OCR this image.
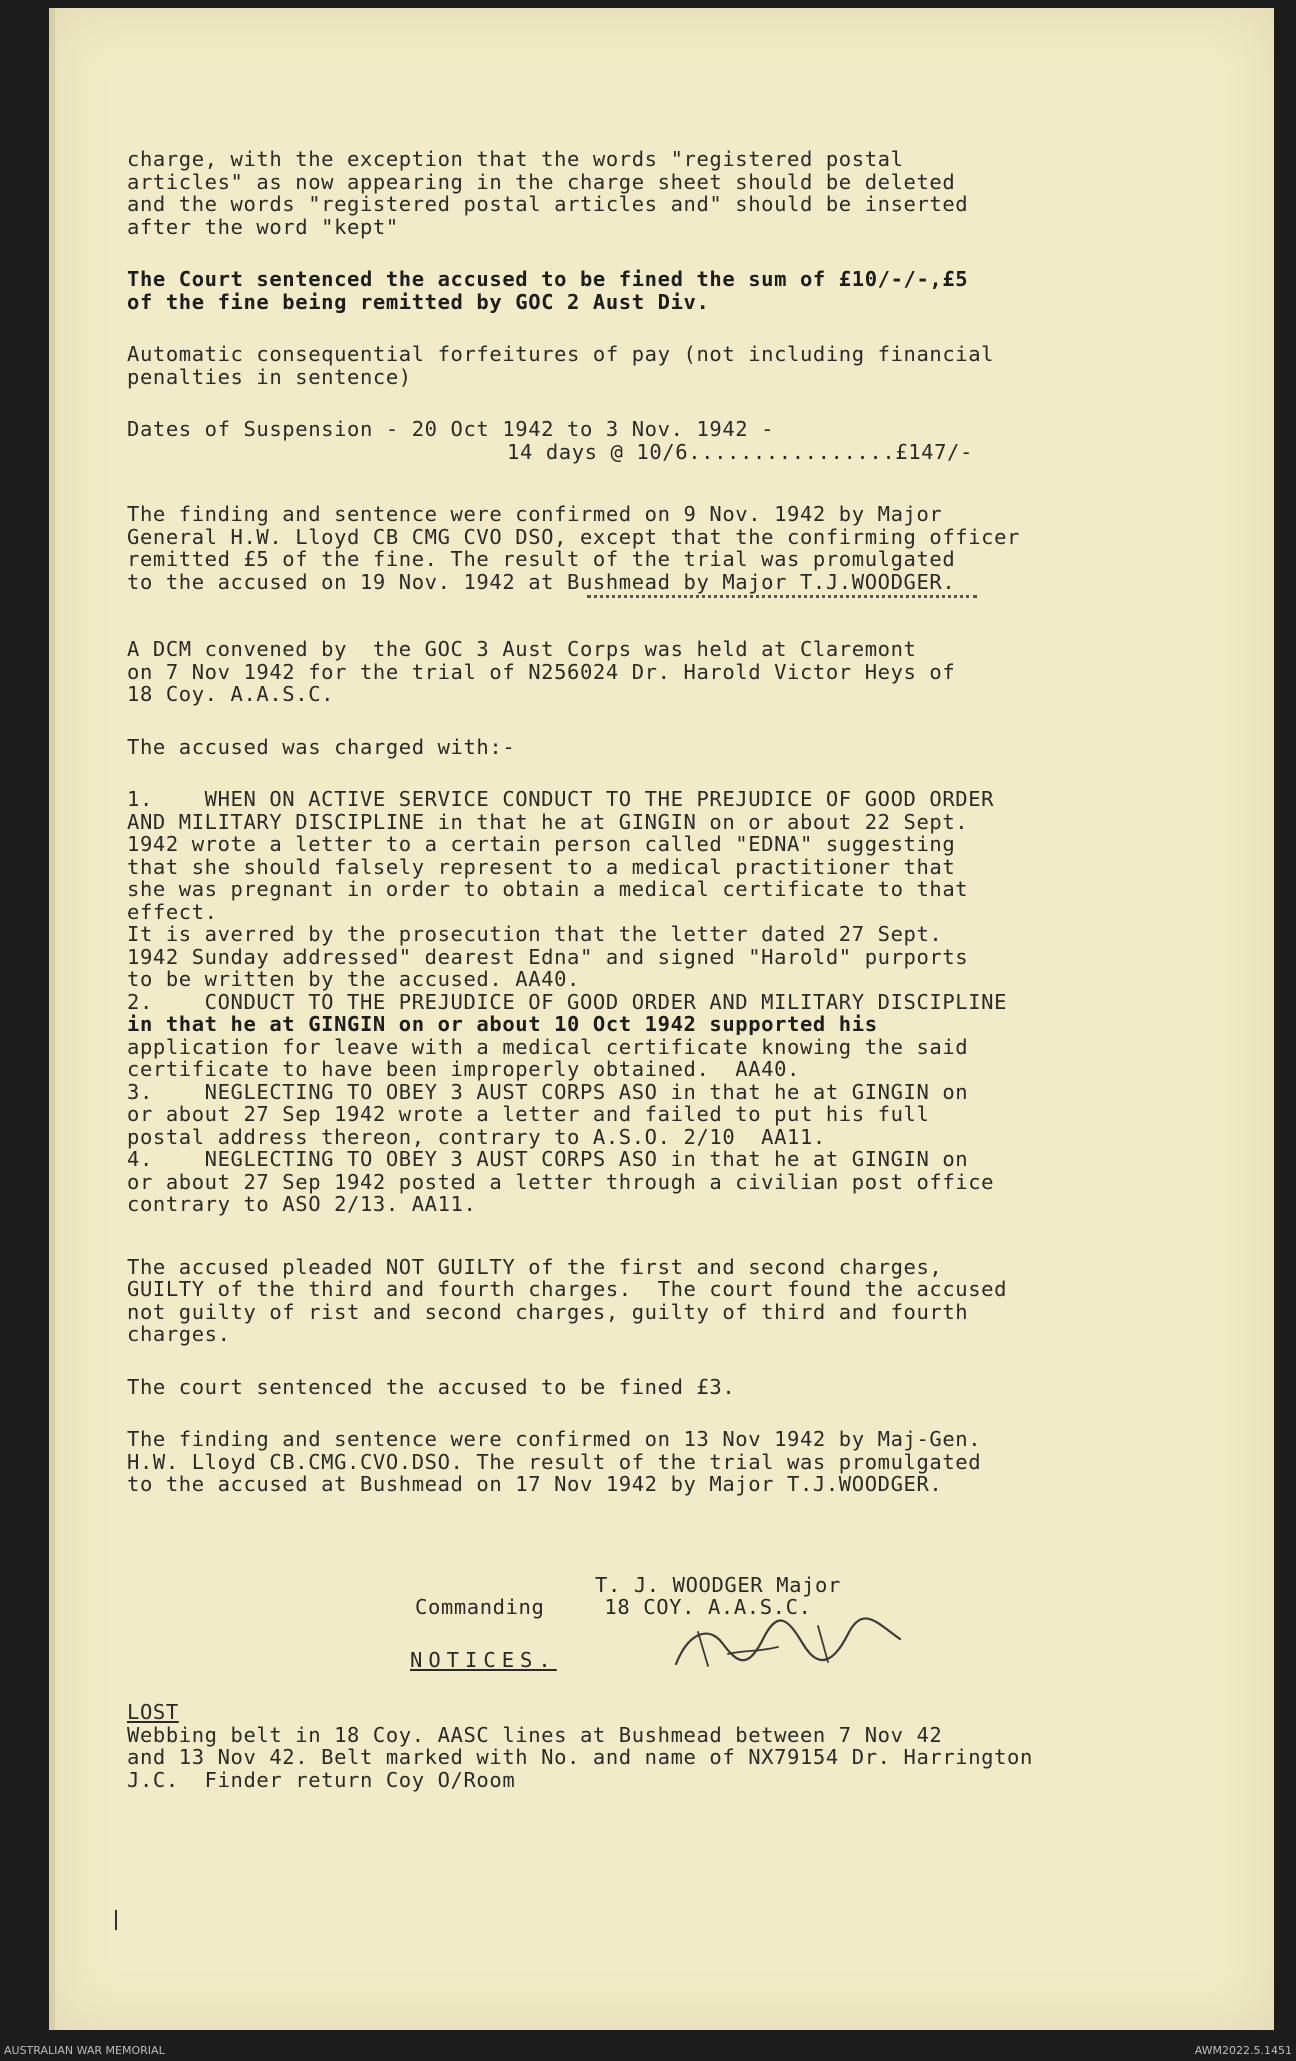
charge, with the exception that the words "registered postal

articles" as now appearing in the charge sheet should be deleted

and the words "registered postal articles and" should be inserted

after the word "kept"

The Court sentenced the accused to be fined the sum of £10/-/-,£5

of the fine being remitted by GOC 2 Aust Div.

Automatic consequential forfeitures of pay (not including financial

penalties in sentence)

Dates of Suspension - 20 Oct 1942 to 3 Nov. 1942 -

14 days @ 10/6................£147/-

The finding and sentence were confirmed on 9 Nov. 1942 by Major

General H.W. Lloyd CB CMG CVO DSO, except that the confirming officer

remitted £5 of the fine. The result of the trial was promulgated

to the accused on 19 Nov. 1942 at Bushmead by Major T.J.WOODGER.

A DCM convened by  the GOC 3 Aust Corps was held at Claremont

on 7 Nov 1942 for the trial of N256024 Dr. Harold Victor Heys of

18 Coy. A.A.S.C.

The accused was charged with:-

1.    WHEN ON ACTIVE SERVICE CONDUCT TO THE PREJUDICE OF GOOD ORDER

AND MILITARY DISCIPLINE in that he at GINGIN on or about 22 Sept.

1942 wrote a letter to a certain person called "EDNA" suggesting

that she should falsely represent to a medical practitioner that

she was pregnant in order to obtain a medical certificate to that

effect.

It is averred by the prosecution that the letter dated 27 Sept.

1942 Sunday addressed" dearest Edna" and signed "Harold" purports

to be written by the accused. AA40.

2.    CONDUCT TO THE PREJUDICE OF GOOD ORDER AND MILITARY DISCIPLINE

in that he at GINGIN on or about 10 Oct 1942 supported his

application for leave with a medical certificate knowing the said

certificate to have been improperly obtained.  AA40.

3.    NEGLECTING TO OBEY 3 AUST CORPS ASO in that he at GINGIN on

or about 27 Sep 1942 wrote a letter and failed to put his full

postal address thereon, contrary to A.S.O. 2/10  AA11.

4.    NEGLECTING TO OBEY 3 AUST CORPS ASO in that he at GINGIN on

or about 27 Sep 1942 posted a letter through a civilian post office

contrary to ASO 2/13. AA11.

The accused pleaded NOT GUILTY of the first and second charges,

GUILTY of the third and fourth charges.  The court found the accused

not guilty of rist and second charges, guilty of third and fourth

charges.

The court sentenced the accused to be fined £3.

The finding and sentence were confirmed on 13 Nov 1942 by Maj-Gen.

H.W. Lloyd CB.CMG.CVO.DSO. The result of the trial was promulgated

to the accused at Bushmead on 17 Nov 1942 by Major T.J.WOODGER.

T. J. WOODGER Major

Commanding	18 COY. A.A.S.C.

NOTICES.

LOST

Webbing belt in 18 Coy. AASC lines at Bushmead between 7 Nov 42

and 13 Nov 42. Belt marked with No. and name of NX79154 Dr. Harrington

J.C.  Finder return Coy O/Room

AUSTRALIAN WAR MEMORIAL	AWM2022.5.1451
